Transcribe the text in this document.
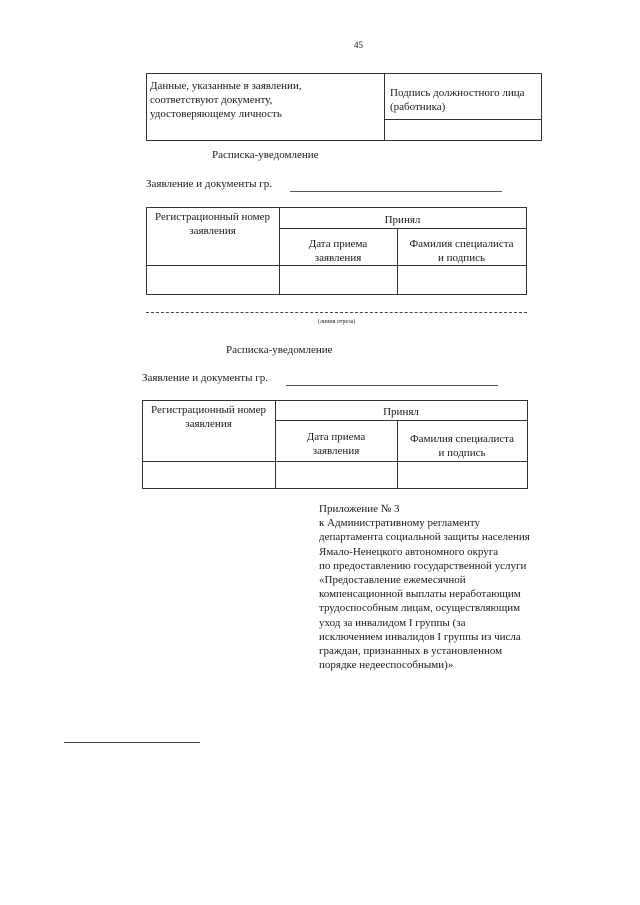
45
Данные, указанные в заявлении,
соответствуют документу,
удостоверяющему личность
Подпись должностного лица
(работника)
Расписка-уведомление
Заявление и документы гр.
Регистрационный номер
заявления
Принял
Дата приема
заявления
Фамилия специалиста
и подпись
(линия отреза)
Расписка-уведомление
Заявление и документы гр.
Регистрационный номер
заявления
Принял
Дата приема
заявления
Фамилия специалиста
и подпись
Приложение № 3
к Административному регламенту
департамента социальной защиты населения
Ямало-Ненецкого автономного округа
по предоставлению государственной услуги
«Предоставление ежемесячной
компенсационной выплаты неработающим
трудоспособным лицам, осуществляющим
уход за инвалидом I группы (за
исключением инвалидов I группы из числа
граждан, признанных в установленном
порядке недееспособными)»
